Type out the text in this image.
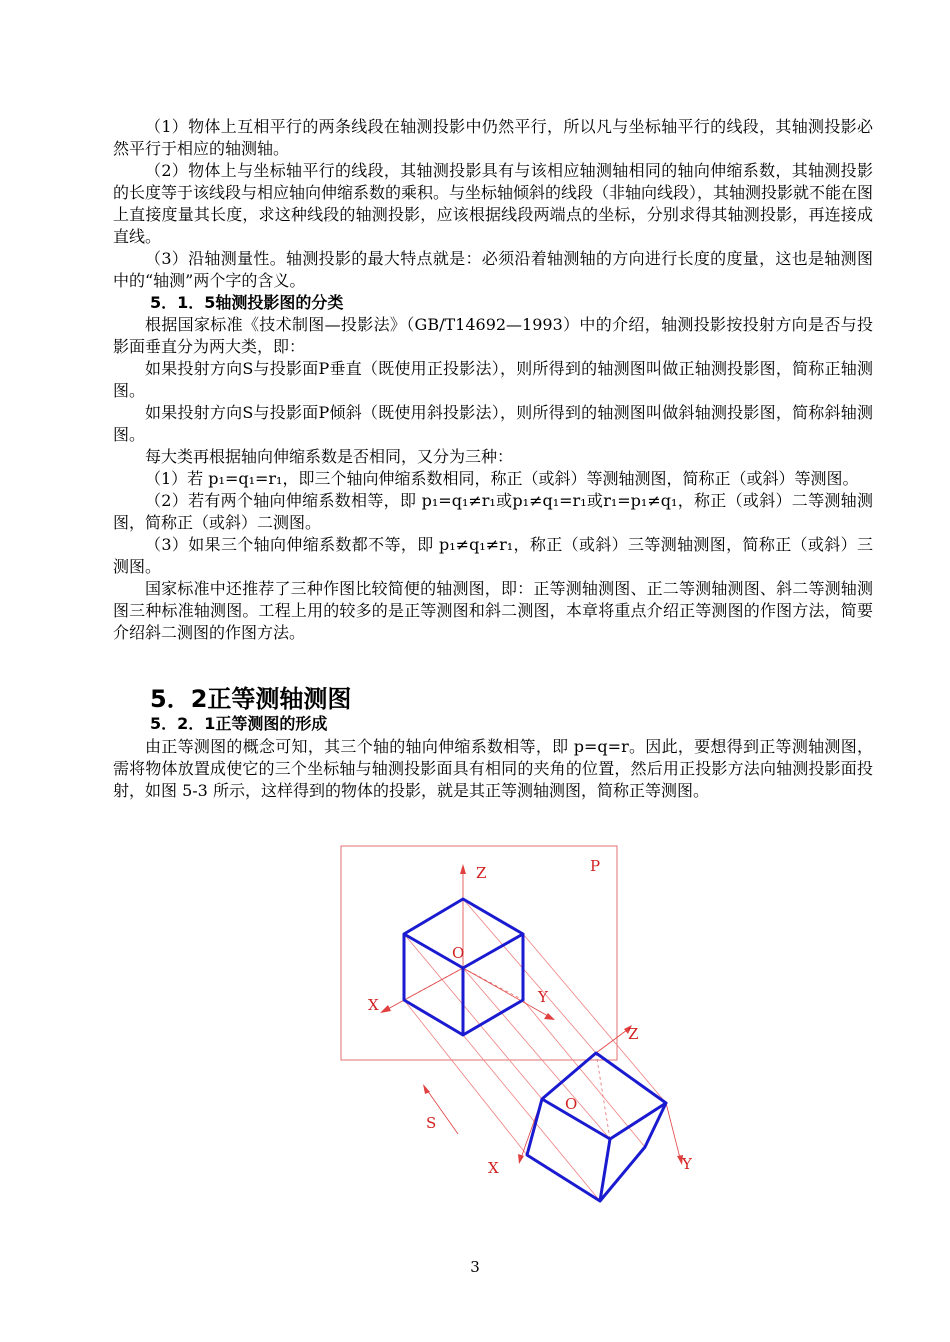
（1）物体上互相平行的两条线段在轴测投影中仍然平行，所以凡与坐标轴平行的线段，其轴测投影必然平行于相应的轴测轴。

（2）物体上与坐标轴平行的线段，其轴测投影具有与该相应轴测轴相同的轴向伸缩系数，其轴测投影的长度等于该线段与相应轴向伸缩系数的乘积。与坐标轴倾斜的线段（非轴向线段），其轴测投影就不能在图上直接度量其长度，求这种线段的轴测投影，应该根据线段两端点的坐标，分别求得其轴测投影，再连接成直线。

（3）沿轴测量性。轴测投影的最大特点就是：必须沿着轴测轴的方向进行长度的度量，这也是轴测图中的“轴测”两个字的含义。

5．1．5轴测投影图的分类

根据国家标准《技术制图—投影法》（GB/T14692—1993）中的介绍，轴测投影按投射方向是否与投影面垂直分为两大类，即：

如果投射方向S与投影面P垂直（既使用正投影法），则所得到的轴测图叫做正轴测投影图，简称正轴测图。

如果投射方向S与投影面P倾斜（既使用斜投影法），则所得到的轴测图叫做斜轴测投影图，简称斜轴测图。

每大类再根据轴向伸缩系数是否相同，又分为三种：

（1）若 p₁=q₁=r₁，即三个轴向伸缩系数相同，称正（或斜）等测轴测图，简称正（或斜）等测图。

（2）若有两个轴向伸缩系数相等，即 p₁=q₁≠r₁或p₁≠q₁=r₁或r₁=p₁≠q₁，称正（或斜）二等测轴测图，简称正（或斜）二测图。

（3）如果三个轴向伸缩系数都不等，即 p₁≠q₁≠r₁，称正（或斜）三等测轴测图，简称正（或斜）三测图。

国家标准中还推荐了三种作图比较简便的轴测图，即：正等测轴测图、正二等测轴测图、斜二等测轴测图三种标准轴测图。工程上用的较多的是正等测图和斜二测图，本章将重点介绍正等测图的作图方法，简要介绍斜二测图的作图方法。

5．2正等测轴测图
5．2．1正等测图的形成

由正等测图的概念可知，其三个轴的轴向伸缩系数相等，即 p=q=r。因此，要想得到正等测轴测图，需将物体放置成使它的三个坐标轴与轴测投影面具有相同的夹角的位置，然后用正投影方法向轴测投影面投射，如图 5-3 所示，这样得到的物体的投影，就是其正等测轴测图，简称正等测图。

P
S
Z
X	Y
O
Z
X	Y
O
3
